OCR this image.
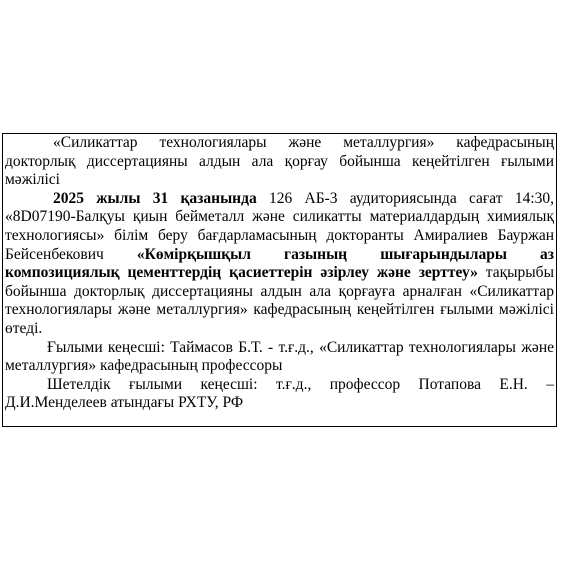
«Силикаттар технологиялары және металлургия» кафедрасының докторлық диссертацияны алдын ала қорғау бойынша кеңейтілген ғылыми мәжілісі

2025 жылы 31 қазанында 126 АБ-3 аудиториясында сағат 14:30, «8D07190-Балқуы қиын бейметалл және силикатты материалдардың химиялық технологиясы» білім беру бағдарламасының докторанты Амиралиев Бауржан Бейсенбекович «Көмірқышқыл газының шығарындылары аз композициялық цементтердің қасиеттерін әзірлеу және зерттеу» тақырыбы бойынша докторлық диссертацияны алдын ала қорғауға арналған «Силикаттар технологиялары және металлургия» кафедрасының кеңейтілген ғылыми мәжілісі өтеді.

Ғылыми кеңесші: Таймасов Б.Т. - т.ғ.д., «Силикаттар технологиялары және металлургия» кафедрасының профессоры

Шетелдік ғылыми кеңесші: т.ғ.д., профессор Потапова Е.Н. – Д.И.Менделеев атындағы РХТУ, РФ
